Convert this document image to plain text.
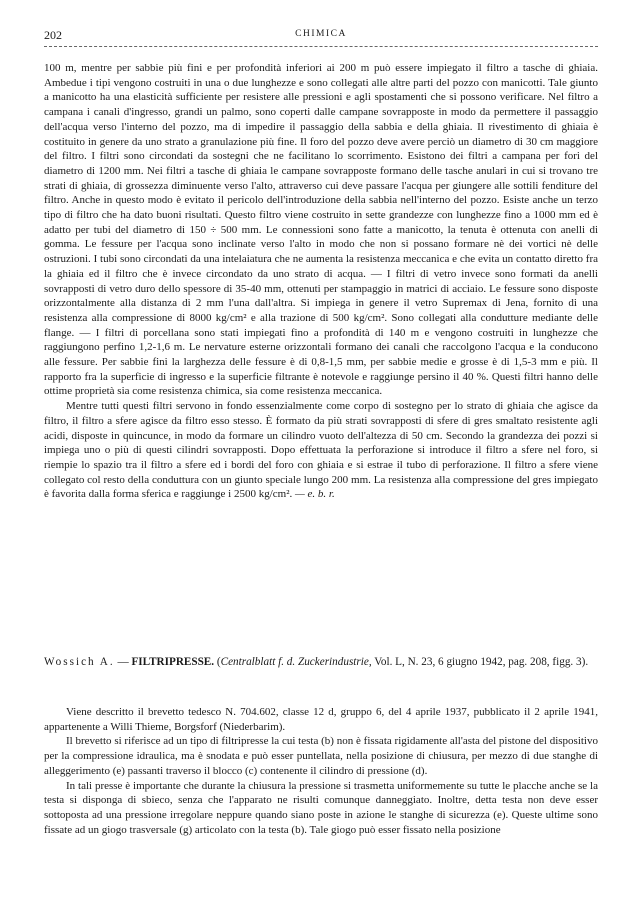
202	CHIMICA

100 m, mentre per sabbie più fini e per profondità inferiori ai 200 m può essere impiegato il filtro a tasche di ghiaia. Ambedue i tipi vengono costruiti in una o due lunghezze e sono collegati alle altre parti del pozzo con manicotti. Tale giunto a manicotto ha una elasticità sufficiente per resistere alle pressioni e agli spostamenti che si possono verificare. Nel filtro a campana i canali d'ingresso, grandi un palmo, sono coperti dalle campane sovrapposte in modo da permettere il passaggio dell'acqua verso l'interno del pozzo, ma di impedire il passaggio della sabbia e della ghiaia. Il rivestimento di ghiaia è costituito in genere da uno strato a granulazione più fine. Il foro del pozzo deve avere perciò un diametro di 30 cm maggiore del filtro. I filtri sono circondati da sostegni che ne facilitano lo scorrimento. Esistono dei filtri a campana per fori del diametro di 1200 mm. Nei filtri a tasche di ghiaia le campane sovrapposte formano delle tasche anulari in cui si trovano tre strati di ghiaia, di grossezza diminuente verso l'alto, attraverso cui deve passare l'acqua per giungere alle sottili fenditure del filtro. Anche in questo modo è evitato il pericolo dell'introduzione della sabbia nell'interno del pozzo. Esiste anche un terzo tipo di filtro che ha dato buoni risultati. Questo filtro viene costruito in sette grandezze con lunghezze fino a 1000 mm ed è adatto per tubi del diametro di 150 ÷ 500 mm. Le connessioni sono fatte a manicotto, la tenuta è ottenuta con anelli di gomma. Le fessure per l'acqua sono inclinate verso l'alto in modo che non si possano formare nè dei vortici nè delle ostruzioni. I tubi sono circondati da una intelaiatura che ne aumenta la resistenza meccanica e che evita un contatto diretto fra la ghiaia ed il filtro che è invece circondato da uno strato di acqua. — I filtri di vetro invece sono formati da anelli sovrapposti di vetro duro dello spessore di 35-40 mm, ottenuti per stampaggio in matrici di acciaio. Le fessure sono disposte orizzontalmente alla distanza di 2 mm l'una dall'altra. Si impiega in genere il vetro Supremax di Jena, fornito di una resistenza alla compressione di 8000 kg/cm² e alla trazione di 500 kg/cm². Sono collegati alla condutture mediante delle flange. — I filtri di porcellana sono stati impiegati fino a profondità di 140 m e vengono costruiti in lunghezze che raggiungono perfino 1,2-1,6 m. Le nervature esterne orizzontali formano dei canali che raccolgono l'acqua e la conducono alle fessure. Per sabbie fini la larghezza delle fessure è di 0,8-1,5 mm, per sabbie medie e grosse è di 1,5-3 mm e più. Il rapporto fra la superficie di ingresso e la superficie filtrante è notevole e raggiunge persino il 40 %. Questi filtri hanno delle ottime proprietà sia come resistenza chimica, sia come resistenza meccanica.

Mentre tutti questi filtri servono in fondo essenzialmente come corpo di sostegno per lo strato di ghiaia che agisce da filtro, il filtro a sfere agisce da filtro esso stesso. È formato da più strati sovrapposti di sfere di gres smaltato resistente agli acidi, disposte in quincunce, in modo da formare un cilindro vuoto dell'altezza di 50 cm. Secondo la grandezza dei pozzi si impiega uno o più di questi cilindri sovrapposti. Dopo effettuata la perforazione si introduce il filtro a sfere nel foro, si riempie lo spazio tra il filtro a sfere ed i bordi del foro con ghiaia e si estrae il tubo di perforazione. Il filtro a sfere viene collegato col resto della conduttura con un giunto speciale lungo 200 mm. La resistenza alla compressione del gres impiegato è favorita dalla forma sferica e raggiunge i 2500 kg/cm². — e. b. r.

Wossich A. — FILTRIPRESSE. (Centralblatt f. d. Zuckerindustrie, Vol. L, N. 23, 6 giugno 1942, pag. 208, figg. 3).

Viene descritto il brevetto tedesco N. 704.602, classe 12 d, gruppo 6, del 4 aprile 1937, pubblicato il 2 aprile 1941, appartenente a Willi Thieme, Borgsforf (Niederbarim).

Il brevetto si riferisce ad un tipo di filtripresse la cui testa (b) non è fissata rigidamente all'asta del pistone del dispositivo per la compressione idraulica, ma è snodata e può esser puntellata, nella posizione di chiusura, per mezzo di due stanghe di alleggerimento (e) passanti traverso il blocco (c) contenente il cilindro di pressione (d).

In tali presse è importante che durante la chiusura la pressione si trasmetta uniformemente su tutte le placche anche se la testa si disponga di sbieco, senza che l'apparato ne risulti comunque danneggiato. Inoltre, detta testa non deve esser sottoposta ad una pressione irregolare neppure quando siano poste in azione le stanghe di sicurezza (e). Queste ultime sono fissate ad un giogo trasversale (g) articolato con la testa (b). Tale giogo può esser fissato nella posizione
